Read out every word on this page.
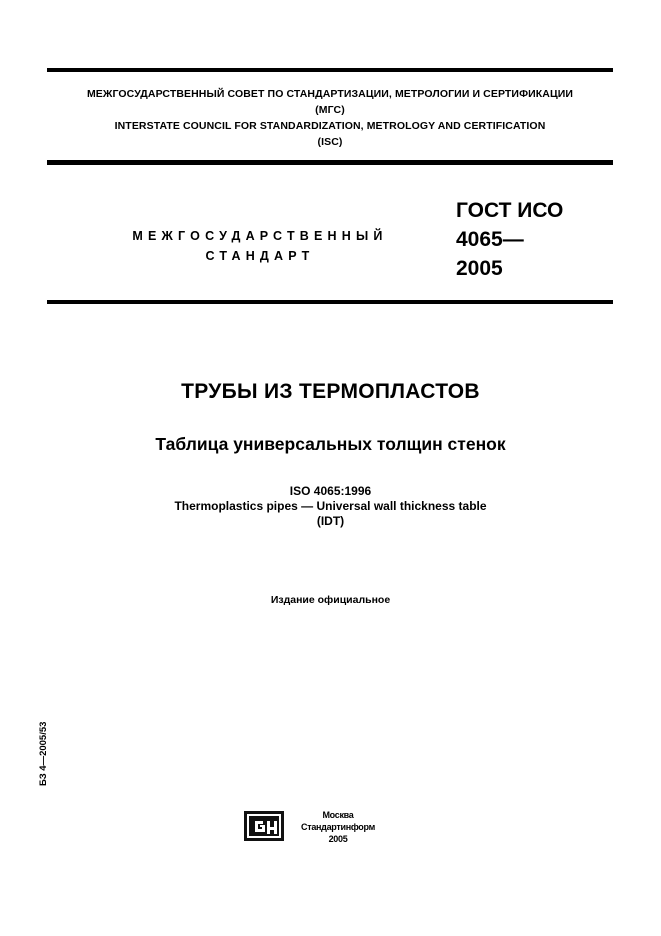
МЕЖГОСУДАРСТВЕННЫЙ СОВЕТ ПО СТАНДАРТИЗАЦИИ, МЕТРОЛОГИИ И СЕРТИФИКАЦИИ
(МГС)
INTERSTATE COUNCIL FOR STANDARDIZATION, METROLOGY AND CERTIFICATION
(ISC)
МЕЖГОСУДАРСТВЕННЫЙ
СТАНДАРТ
ГОСТ ИСО
4065—
2005
ТРУБЫ ИЗ ТЕРМОПЛАСТОВ
Таблица универсальных толщин стенок
ISO 4065:1996
Thermoplastics pipes — Universal wall thickness table
(IDT)
Издание официальное
БЗ 4—2005/53
Москва
Стандартинформ
2005
